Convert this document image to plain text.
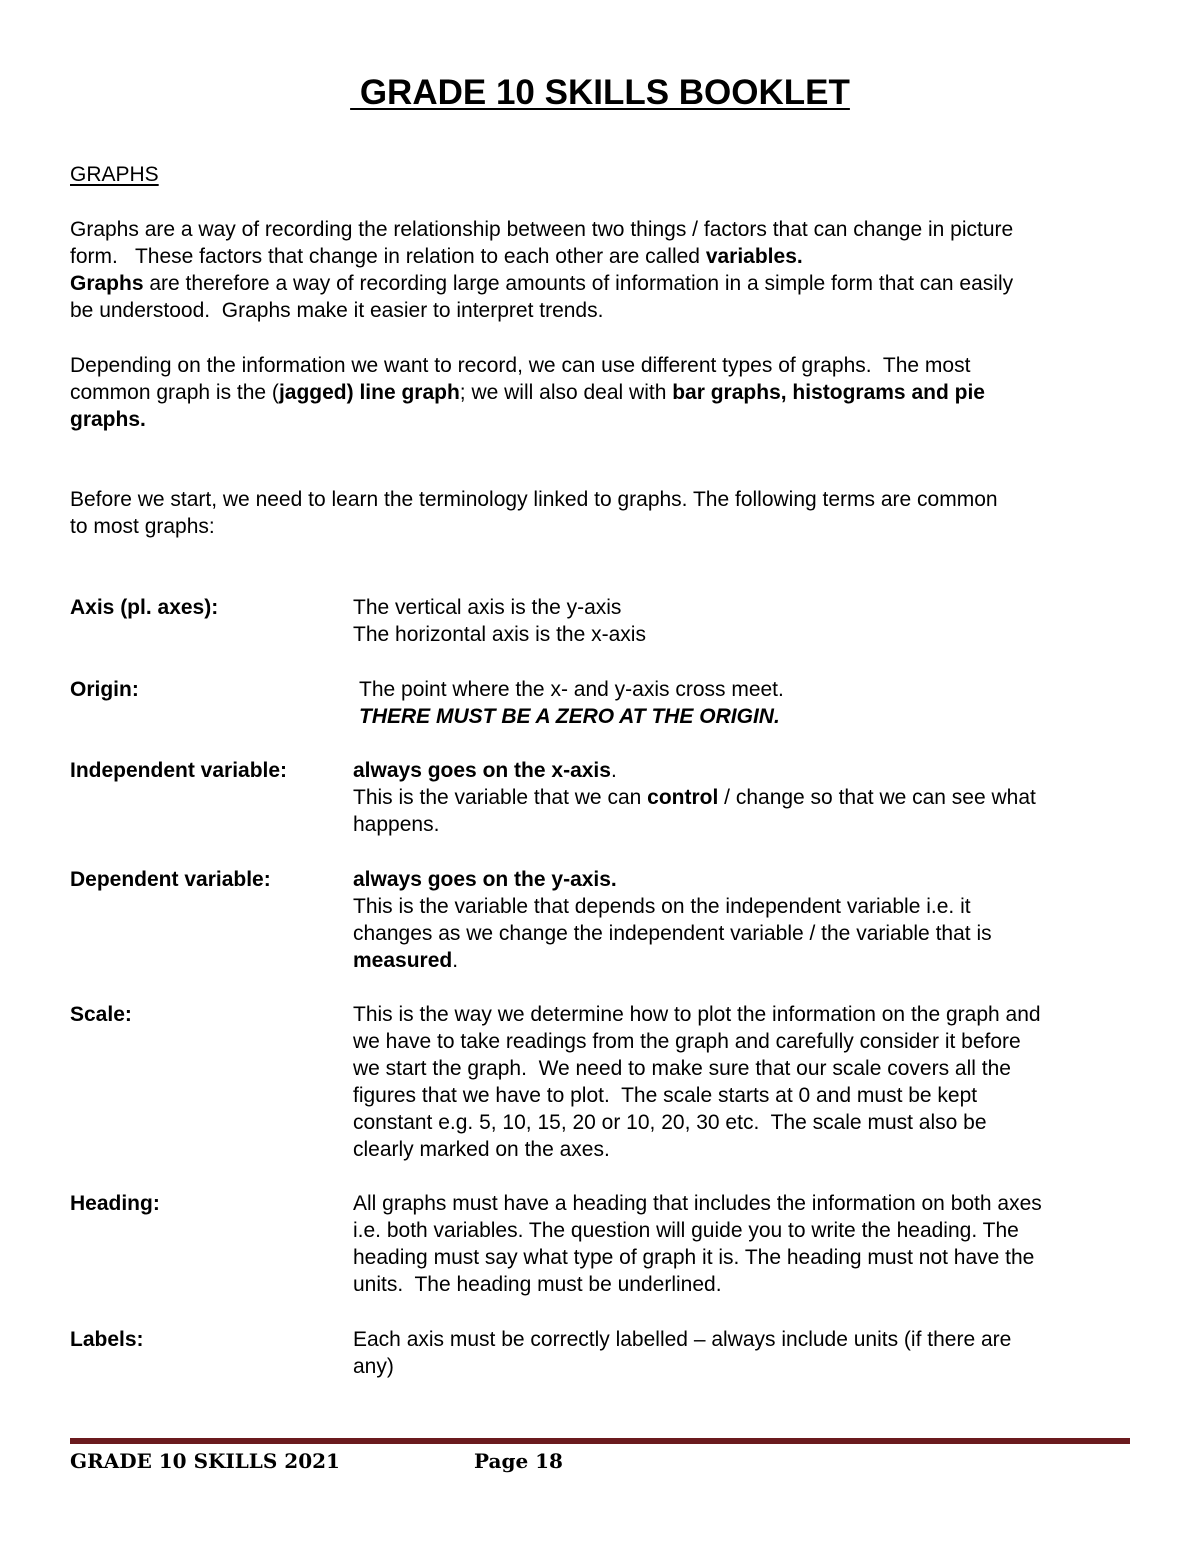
GRADE 10 SKILLS BOOKLET
GRAPHS
Graphs are a way of recording the relationship between two things / factors that can change in picture
form.   These factors that change in relation to each other are called variables.
Graphs are therefore a way of recording large amounts of information in a simple form that can easily
be understood.  Graphs make it easier to interpret trends.
Depending on the information we want to record, we can use different types of graphs.  The most
common graph is the (jagged) line graph; we will also deal with bar graphs, histograms and pie
graphs.
Before we start, we need to learn the terminology linked to graphs. The following terms are common
to most graphs:
Axis (pl. axes):	The vertical axis is the y-axis
The horizontal axis is the x-axis
Origin:	The point where the x- and y-axis cross meet.
THERE MUST BE A ZERO AT THE ORIGIN.
Independent variable:	always goes on the x-axis.
This is the variable that we can control / change so that we can see what
happens.
Dependent variable:	always goes on the y-axis.
This is the variable that depends on the independent variable i.e. it
changes as we change the independent variable / the variable that is
measured.
Scale:	This is the way we determine how to plot the information on the graph and
we have to take readings from the graph and carefully consider it before
we start the graph.  We need to make sure that our scale covers all the
figures that we have to plot.  The scale starts at 0 and must be kept
constant e.g. 5, 10, 15, 20 or 10, 20, 30 etc.  The scale must also be
clearly marked on the axes.
Heading:	All graphs must have a heading that includes the information on both axes
i.e. both variables. The question will guide you to write the heading. The
heading must say what type of graph it is. The heading must not have the
units.  The heading must be underlined.
Labels:	Each axis must be correctly labelled – always include units (if there are
any)
GRADE 10 SKILLS 2021	Page 18
